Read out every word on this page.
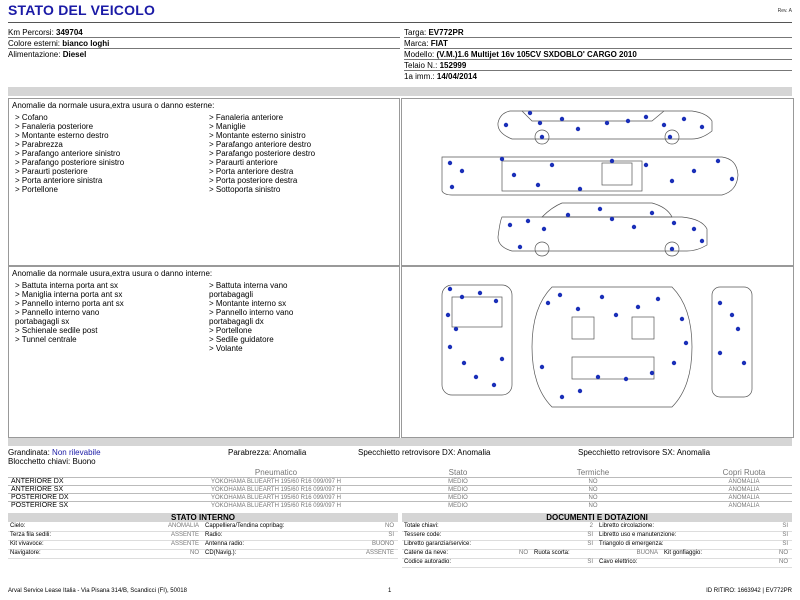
STATO DEL VEICOLO	Rev. A
Km Percorsi: 349704
Colore esterni: bianco loghi
Alimentazione: Diesel
Targa: EV772PR
Marca: FIAT
Modello: (V.M.)1.6 Multijet 16v 105CV SXDOBLO' CARGO 2010
Telaio N.: 152999
1a imm.: 14/04/2014
Anomalie da normale usura,extra usura o danno esterne:
> Cofano
> Fanaleria posteriore
> Montante esterno destro
> Parabrezza
> Parafango anteriore sinistro
> Parafango posteriore sinistro
> Paraurti posteriore
> Porta anteriore sinistra
> Portellone
> Fanaleria anteriore
> Maniglie
> Montante esterno sinistro
> Parafango anteriore destro
> Parafango posteriore destro
> Paraurti anteriore
> Porta anteriore destra
> Porta posteriore destra
> Sottoporta sinistro
Anomalie da normale usura,extra usura o danno interne:
> Battuta interna porta ant sx
> Maniglia interna porta ant sx
> Pannello interno porta ant sx
> Pannello interno vano
portabagagli sx
> Schienale sedile post
> Tunnel centrale
> Battuta interna vano
portabagagli
> Montante interno sx
> Pannello interno vano
portabagagli dx
> Portellone
> Sedile guidatore
> Volante
Grandinata: Non rilevabile	Parabrezza: Anomalia	Specchietto retrovisore DX: Anomalia	Specchietto retrovisore SX: Anomalia
Blocchetto chiavi: Buono
Pneumatico	Stato	Termiche	Copri Ruota
ANTERIORE DX	YOKOHAMA BLUEARTH 195/60 R16 099/097 H	MEDIO	NO	ANOMALIA
ANTERIORE SX	YOKOHAMA BLUEARTH 195/60 R16 099/097 H	MEDIO	NO	ANOMALIA
POSTERIORE DX	YOKOHAMA BLUEARTH 195/60 R16 099/097 H	MEDIO	NO	ANOMALIA
POSTERIORE SX	YOKOHAMA BLUEARTH 195/60 R16 099/097 H	MEDIO	NO	ANOMALIA
STATO INTERNO
Cielo:	ANOMALIA Cappelliera/Tendina copribag:	NO
Terza fila sedili:	ASSENTE Radio:	SI
Kit vivavoce:	ASSENTE Antenna radio:	BUONO
Navigatore:	NO CD(Navig.):	ASSENTE
DOCUMENTI E DOTAZIONI
Totale chiavi:	2 Libretto circolazione:	SI
Tessere code:	SI Libretto uso e manutenzione:	SI
Libretto garanzia/service:	SI Triangolo di emergenza:	SI
Catene da neve:	NO Ruota scorta:	BUONA Kit gonfiaggio:	NO
Codice autoradio:	SI Cavo elettrico:	NO
Arval Service Lease Italia - Via Pisana 314/B, Scandicci (FI), 50018	1	ID RITIRO: 1663942 | EV772PR
